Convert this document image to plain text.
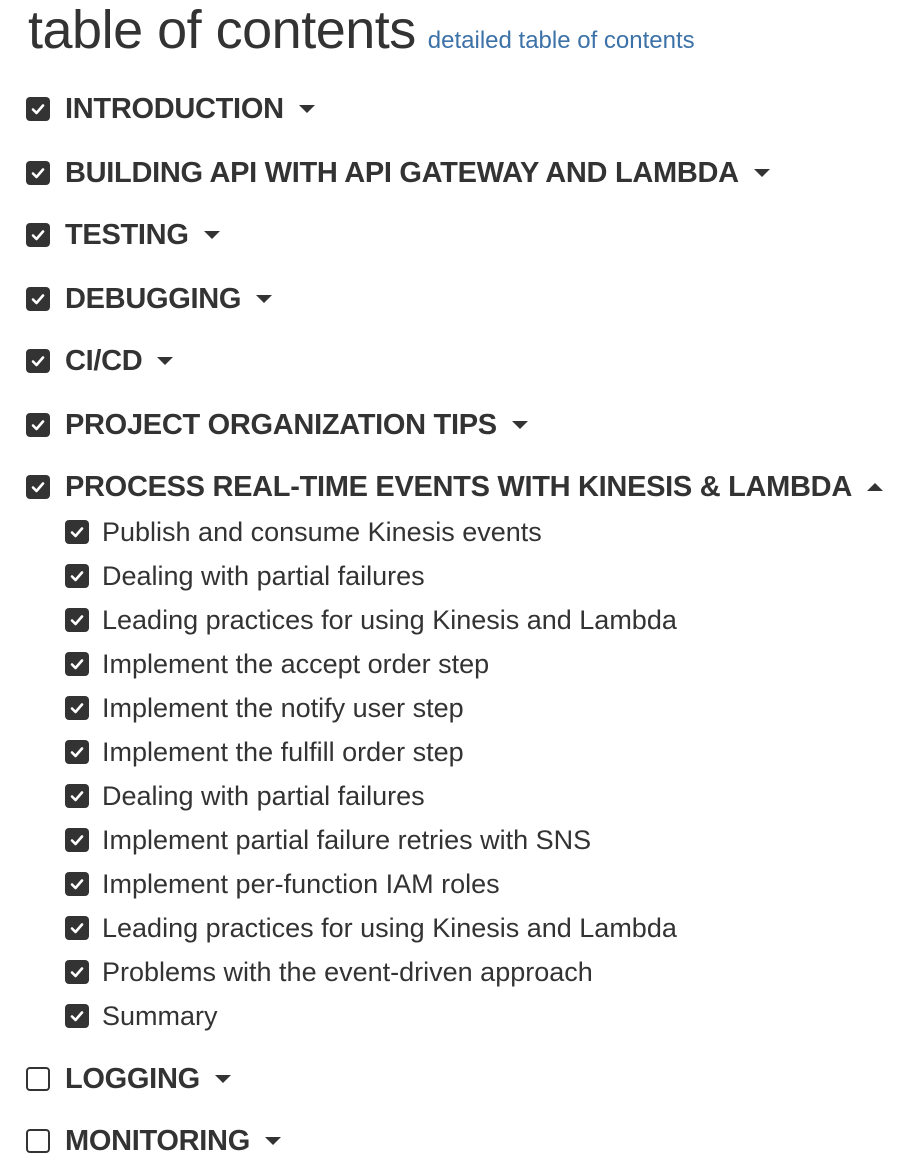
table of contents detailed table of contents
INTRODUCTION
BUILDING API WITH API GATEWAY AND LAMBDA
TESTING
DEBUGGING
CI/CD
PROJECT ORGANIZATION TIPS
PROCESS REAL-TIME EVENTS WITH KINESIS & LAMBDA
Publish and consume Kinesis events
Dealing with partial failures
Leading practices for using Kinesis and Lambda
Implement the accept order step
Implement the notify user step
Implement the fulfill order step
Dealing with partial failures
Implement partial failure retries with SNS
Implement per-function IAM roles
Leading practices for using Kinesis and Lambda
Problems with the event-driven approach
Summary
LOGGING
MONITORING
